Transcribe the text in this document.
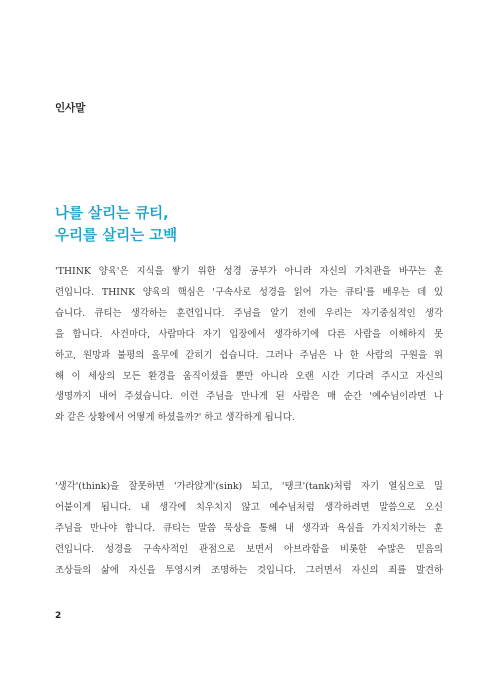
인사말
나를 살리는 큐티,
우리를 살리는 고백
'THINK 양육'은 지식을 쌓기 위한 성경 공부가 아니라 자신의 가치관을 바꾸는 훈
련입니다. THINK 양육의 핵심은 '구속사로 성경을 읽어 가는 큐티'를 배우는 데 있
습니다. 큐티는 생각하는 훈련입니다. 주님을 알기 전에 우리는 자기중심적인 생각
을 합니다. 사건마다, 사람마다 자기 입장에서 생각하기에 다른 사람을 이해하지 못
하고, 원망과 불평의 올무에 갇히기 쉽습니다. 그러나 주님은 나 한 사람의 구원을 위
해 이 세상의 모든 환경을 움직이셨을 뿐만 아니라 오랜 시간 기다려 주시고 자신의
생명까지 내어 주셨습니다. 이런 주님을 만나게 된 사람은 매 순간 '예수님이라면 나
와 같은 상황에서 어떻게 하셨을까?' 하고 생각하게 됩니다.
'생각'(think)을 잘못하면 '가라앉게'(sink) 되고, '탱크'(tank)처럼 자기 열심으로 밀
어붙이게 됩니다. 내 생각에 치우치지 않고 예수님처럼 생각하려면 말씀으로 오신
주님을 만나야 합니다. 큐티는 말씀 묵상을 통해 내 생각과 욕심을 가지치기하는 훈
련입니다. 성경을 구속사적인 관점으로 보면서 아브라함을 비롯한 수많은 믿음의
조상들의 삶에 자신을 투영시켜 조명하는 것입니다. 그러면서 자신의 죄를 발견하
2
